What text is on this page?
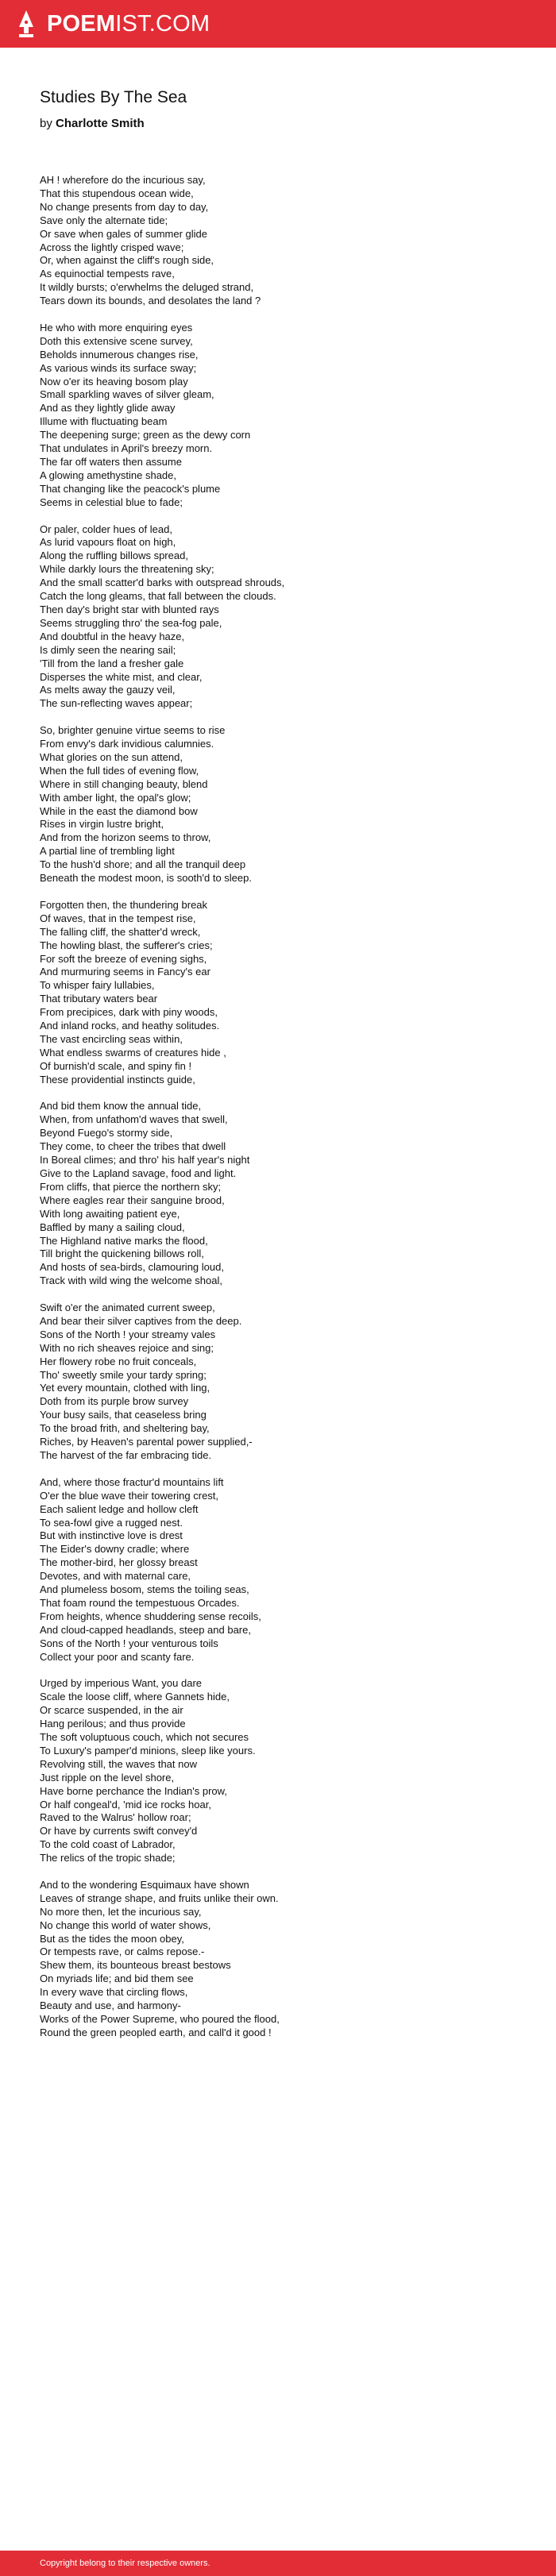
POEMIST.COM
Studies By The Sea
by Charlotte Smith

AH ! wherefore do the incurious say,
That this stupendous ocean wide,
No change presents from day to day,
Save only the alternate tide;
Or save when gales of summer glide
Across the lightly crisped wave;
Or, when against the cliff's rough side,
As equinoctial tempests rave,
It wildly bursts; o'erwhelms the deluged strand,
Tears down its bounds, and desolates the land ?

He who with more enquiring eyes
Doth this extensive scene survey,
Beholds innumerous changes rise,
As various winds its surface sway;
Now o'er its heaving bosom play
Small sparkling waves of silver gleam,
And as they lightly glide away
Illume with fluctuating beam
The deepening surge; green as the dewy corn
That undulates in April's breezy morn.
The far off waters then assume
A glowing amethystine shade,
That changing like the peacock's plume
Seems in celestial blue to fade;

Or paler, colder hues of lead,
As lurid vapours float on high,
Along the ruffling billows spread,
While darkly lours the threatening sky;
And the small scatter'd barks with outspread shrouds,
Catch the long gleams, that fall between the clouds.
Then day's bright star with blunted rays
Seems struggling thro' the sea-fog pale,
And doubtful in the heavy haze,
Is dimly seen the nearing sail;
'Till from the land a fresher gale
Disperses the white mist, and clear,
As melts away the gauzy veil,
The sun-reflecting waves appear;

So, brighter genuine virtue seems to rise
From envy's dark invidious calumnies.
What glories on the sun attend,
When the full tides of evening flow,
Where in still changing beauty, blend
With amber light, the opal's glow;
While in the east the diamond bow
Rises in virgin lustre bright,
And from the horizon seems to throw,
A partial line of trembling light
To the hush'd shore; and all the tranquil deep
Beneath the modest moon, is sooth'd to sleep.

Forgotten then, the thundering break
Of waves, that in the tempest rise,
The falling cliff, the shatter'd wreck,
The howling blast, the sufferer's cries;
For soft the breeze of evening sighs,
And murmuring seems in Fancy's ear
To whisper fairy lullabies,
That tributary waters bear
From precipices, dark with piny woods,
And inland rocks, and heathy solitudes.
The vast encircling seas within,
What endless swarms of creatures hide ,
Of burnish'd scale, and spiny fin !
These providential instincts guide,

And bid them know the annual tide,
When, from unfathom'd waves that swell,
Beyond Fuego's stormy side,
They come, to cheer the tribes that dwell
In Boreal climes; and thro' his half year's night
Give to the Lapland savage, food and light.
From cliffs, that pierce the northern sky;
Where eagles rear their sanguine brood,
With long awaiting patient eye,
Baffled by many a sailing cloud,
The Highland native marks the flood,
Till bright the quickening billows roll,
And hosts of sea-birds, clamouring loud,
Track with wild wing the welcome shoal,

Swift o'er the animated current sweep,
And bear their silver captives from the deep.
Sons of the North ! your streamy vales
With no rich sheaves rejoice and sing;
Her flowery robe no fruit conceals,
Tho' sweetly smile your tardy spring;
Yet every mountain, clothed with ling,
Doth from its purple brow survey
Your busy sails, that ceaseless bring
To the broad frith, and sheltering bay,
Riches, by Heaven's parental power supplied,-
The harvest of the far embracing tide.

And, where those fractur'd mountains lift
O'er the blue wave their towering crest,
Each salient ledge and hollow cleft
To sea-fowl give a rugged nest.
But with instinctive love is drest
The Eider's downy cradle; where
The mother-bird, her glossy breast
Devotes, and with maternal care,
And plumeless bosom, stems the toiling seas,
That foam round the tempestuous Orcades.
From heights, whence shuddering sense recoils,
And cloud-capped headlands, steep and bare,
Sons of the North ! your venturous toils
Collect your poor and scanty fare.

Urged by imperious Want, you dare
Scale the loose cliff, where Gannets hide,
Or scarce suspended, in the air
Hang perilous; and thus provide
The soft voluptuous couch, which not secures
To Luxury's pamper'd minions, sleep like yours.
Revolving still, the waves that now
Just ripple on the level shore,
Have borne perchance the Indian's prow,
Or half congeal'd, 'mid ice rocks hoar,
Raved to the Walrus' hollow roar;
Or have by currents swift convey'd
To the cold coast of Labrador,
The relics of the tropic shade;

And to the wondering Esquimaux have shown
Leaves of strange shape, and fruits unlike their own.
No more then, let the incurious say,
No change this world of water shows,
But as the tides the moon obey,
Or tempests rave, or calms repose.-
Shew them, its bounteous breast bestows
On myriads life; and bid them see
In every wave that circling flows,
Beauty and use, and harmony-
Works of the Power Supreme, who poured the flood,
Round the green peopled earth, and call'd it good !

Copyright belong to their respective owners.
